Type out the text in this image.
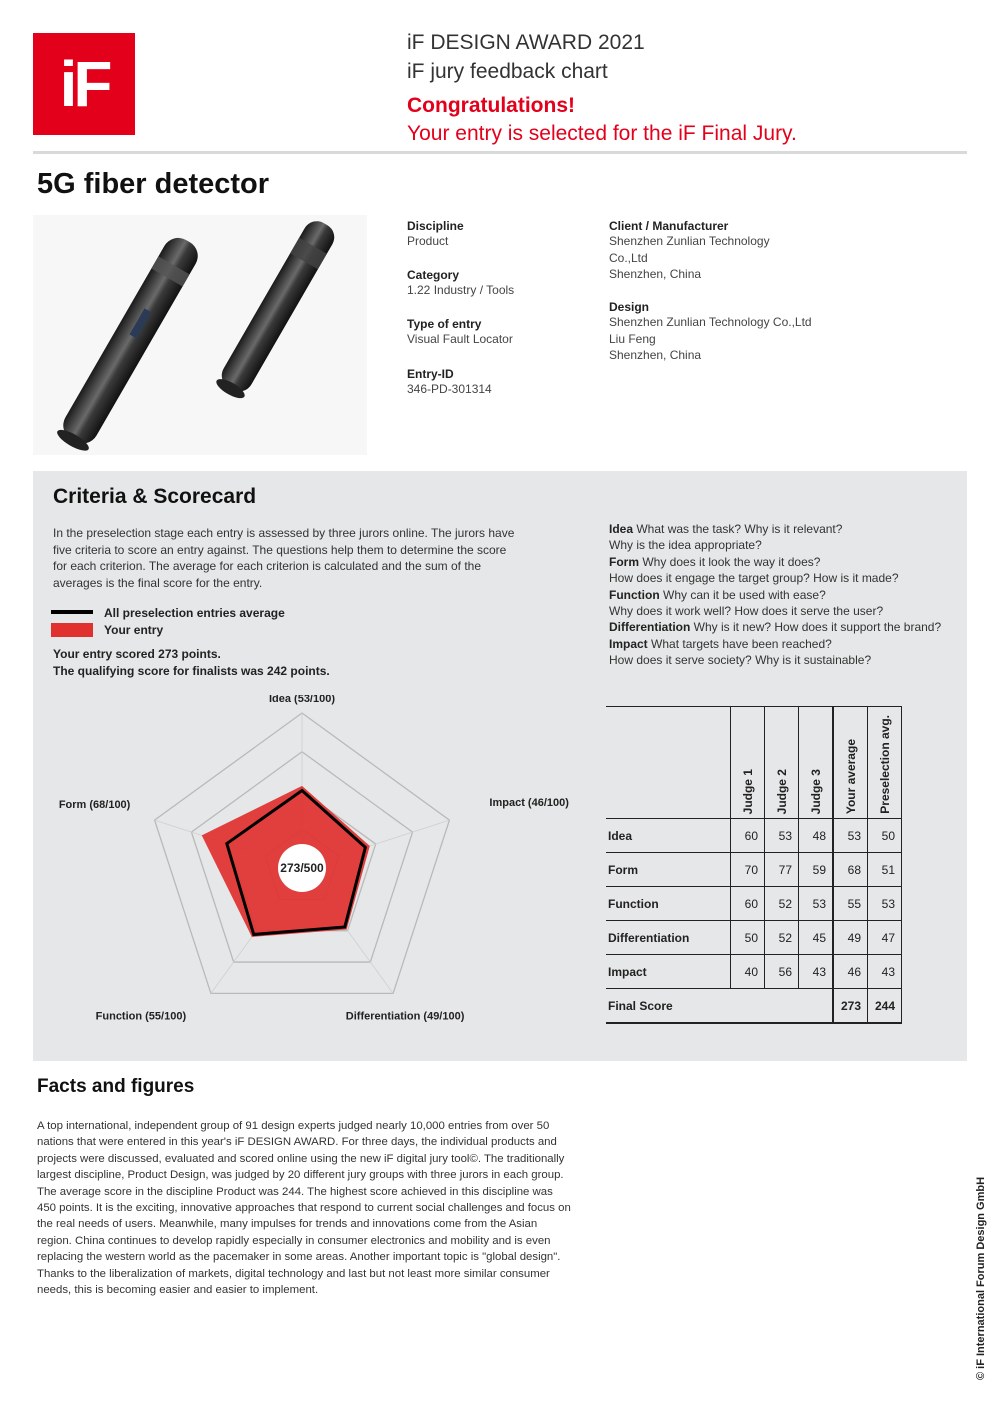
iF
iF DESIGN AWARD 2021
iF jury feedback chart
Congratulations!
Your entry is selected for the iF Final Jury.
5G fiber detector
Discipline
Product
Category
1.22 Industry / Tools
Type of entry
Visual Fault Locator
Entry-ID
346-PD-301314
Client / Manufacturer
Shenzhen Zunlian Technology
Co.,Ltd
Shenzhen, China
Design
Shenzhen Zunlian Technology Co.,Ltd
Liu Feng
Shenzhen, China
Criteria & Scorecard
In the preselection stage each entry is assessed by three jurors online. The jurors have five criteria to score an entry against. The questions help them to determine the score for each criterion. The average for each criterion is calculated and the sum of the averages is the final score for the entry.
All preselection entries average
Your entry
Your entry scored 273 points.
The qualifying score for finalists was 242 points.
Idea What was the task? Why is it relevant?
Why is the idea appropriate?
Form Why does it look the way it does?
How does it engage the target group? How is it made?
Function Why can it be used with ease?
Why does it work well? How does it serve the user?
Differentiation Why is it new? How does it support the brand?
Impact What targets have been reached?
How does it serve society? Why is it sustainable?
273/500
Idea (53/100)
Impact (46/100)
Differentiation (49/100)
Function (55/100)
Form (68/100)

	Judge 1	Judge 2	Judge 3	Your average	Preselection avg.

Idea	60	53	48	53	50
Form	70	77	59	68	51
Function	60	52	53	55	53
Differentiation	50	52	45	49	47
Impact	40	56	43	46	43
Final Score				273	244
Facts and figures
A top international, independent group of 91 design experts judged nearly 10,000 entries from over 50 nations that were entered in this year's iF DESIGN AWARD. For three days, the individual products and projects were discussed, evaluated and scored online using the new iF digital jury tool©. The traditionally largest discipline, Product Design, was judged by 20 different jury groups with three jurors in each group. The average score in the discipline Product was 244. The highest score achieved in this discipline was 450 points. It is the exciting, innovative approaches that respond to current social challenges and focus on the real needs of users. Meanwhile, many impulses for trends and innovations come from the Asian region. China continues to develop rapidly especially in consumer electronics and mobility and is even replacing the western world as the pacemaker in some areas. Another important topic is "global design". Thanks to the liberalization of markets, digital technology and last but not least more similar consumer needs, this is becoming easier and easier to implement.	© iF International Forum Design GmbH
